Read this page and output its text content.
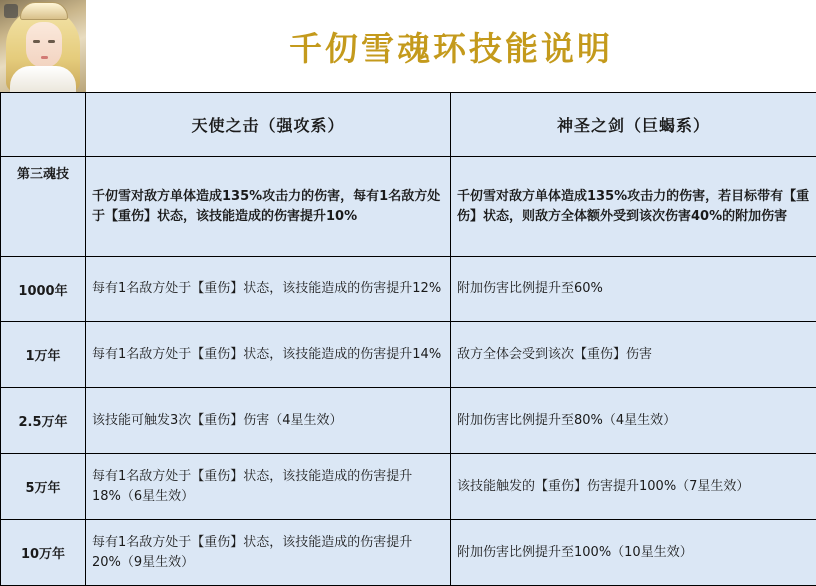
千仞雪魂环技能说明
	天使之击（强攻系）	神圣之剑（巨蝎系）
第三魂技	千仞雪对敌方单体造成135%攻击力的伤害，每有1名敌方处于【重伤】状态，该技能造成的伤害提升10%	千仞雪对敌方单体造成135%攻击力的伤害，若目标带有【重伤】状态，则敌方全体额外受到该次伤害40%的附加伤害
1000年	每有1名敌方处于【重伤】状态，该技能造成的伤害提升12%	附加伤害比例提升至60%
1万年	每有1名敌方处于【重伤】状态，该技能造成的伤害提升14%	敌方全体会受到该次【重伤】伤害
2.5万年	该技能可触发3次【重伤】伤害（4星生效）	附加伤害比例提升至80%（4星生效）
5万年	每有1名敌方处于【重伤】状态，该技能造成的伤害提升18%（6星生效）	该技能触发的【重伤】伤害提升100%（7星生效）
10万年	每有1名敌方处于【重伤】状态，该技能造成的伤害提升20%（9星生效）	附加伤害比例提升至100%（10星生效）
